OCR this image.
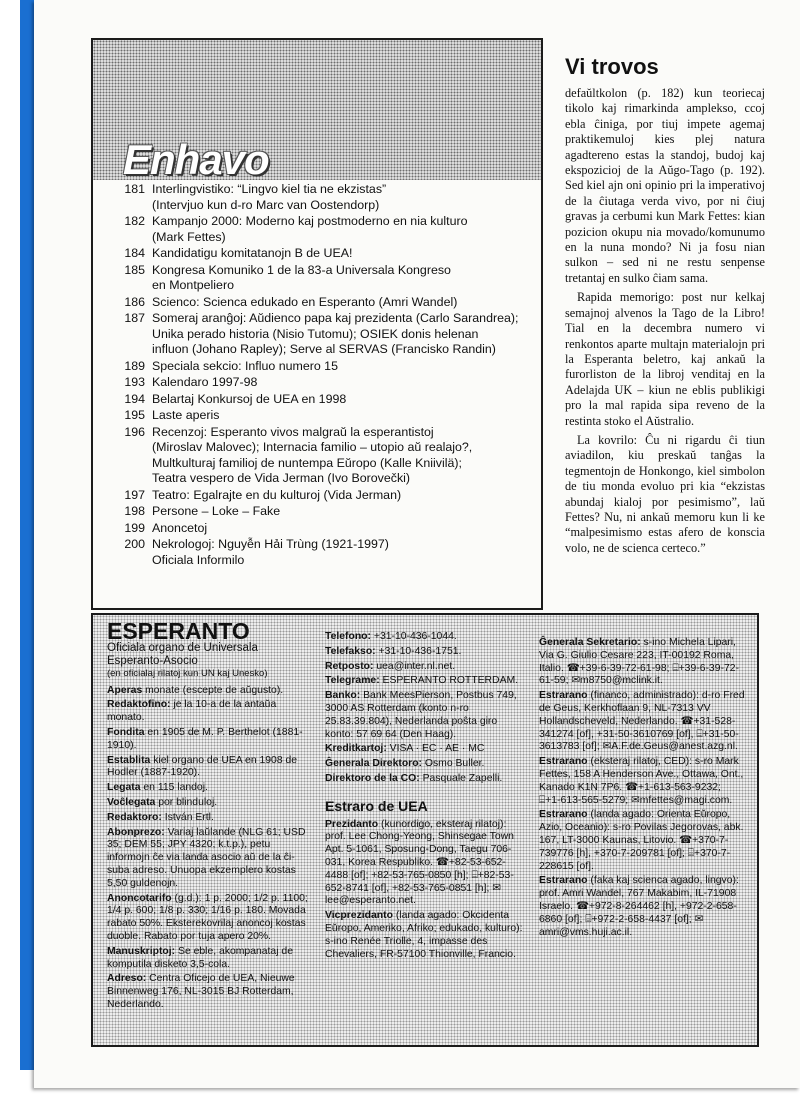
Enhavo
181 Interlingvistiko: “Lingvo kiel tia ne ekzistas”
(Intervjuo kun d-ro Marc van Oostendorp)
182 Kampanjo 2000: Moderno kaj postmoderno en nia kulturo
(Mark Fettes)
184 Kandidatigu komitatanojn B de UEA!
185 Kongresa Komuniko 1 de la 83-a Universala Kongreso
en Montpeliero
186 Scienco: Scienca edukado en Esperanto (Amri Wandel)
187 Someraj aranĝoj: Aŭdienco papa kaj prezidenta (Carlo Sarandrea);
Unika perado historia (Nisio Tutomu); OSIEK donis helenan
influon (Johano Rapley); Serve al SERVAS (Francisko Randin)
189 Speciala sekcio: Influo numero 15
193 Kalendaro 1997-98
194 Belartaj Konkursoj de UEA en 1998
195 Laste aperis
196 Recenzoj: Esperanto vivos malgraŭ la esperantistoj
(Miroslav Malovec); Internacia familio – utopio aŭ realajo?,
Multkulturaj familioj de nuntempa Eŭropo (Kalle Kniivilä);
Teatra vespero de Vida Jerman (Ivo Borovečki)
197 Teatro: Egalrajte en du kulturoj (Vida Jerman)
198 Persone – Loke – Fake
199 Anoncetoj
200 Nekrologoj: Nguyễn Hải Trùng (1921-1997)
Oficiala Informilo
Vi trovos

defaŭltkolon (p. 182) kun teoriecaj tikolo kaj rimarkinda amplekso, ccoj ebla ĉiniga, por tiuj impete agemaj praktikemuloj kies plej natura agadtereno estas la standoj, budoj kaj ekspozicioj de la Aŭgo-Tago (p. 192). Sed kiel ajn oni opinio pri la imperativoj de la ĉiutaga verda vivo, por ni ĉiuj gravas ja cerbumi kun Mark Fettes: kian pozicion okupu nia movado/komunumo en la nuna mondo? Ni ja fosu nian sulkon – sed ni ne restu senpense tretantaj en sulko ĉiam sama.

Rapida memorigo: post nur kelkaj semajnoj alvenos la Tago de la Libro! Tial en la decembra numero vi renkontos aparte multajn materialojn pri la Esperanta beletro, kaj ankaŭ la furorliston de la libroj venditaj en la Adelajda UK – kiun ne eblis publikigi pro la mal rapida sipa reveno de la restinta stoko el Aŭstralio.

La kovrilo: Ĉu ni rigardu ĉi tiun aviadilon, kiu preskaŭ tanĝas la tegmentojn de Honkongo, kiel simbolon de tiu monda evoluo pri kia “ekzistas abundaj kialoj por pesimismo”, laŭ Fettes? Nu, ni ankaŭ memoru kun li ke “malpesimismo estas afero de konscia volo, ne de scienca certeco.”

ESPERANTO
Oficiala organo de Universala Esperanto-Asocio
(en oficialaj rilatoj kun UN kaj Unesko)

Aperas monate (escepte de aŭgusto).

Redaktofino: je la 10-a de la antaŭa monato.

Fondita en 1905 de M. P. Berthelot (1881-1910).

Establita kiel organo de UEA en 1908 de Hodler (1887-1920).

Legata en 115 landoj.

Voĉlegata por blinduloj.

Redaktoro: István Ertl.

Abonprezo: Variaj laŭlande (NLG 61; USD 35; DEM 55; JPY 4320; k.t.p.), petu informojn ĉe via landa asocio aŭ de la ĉi-suba adreso. Unuopa ekzemplero kostas 5,50 guldenojn.

Anoncotarifo (g.d.): 1 p. 2000; 1/2 p. 1100; 1/4 p. 600; 1/8 p. 330; 1/16 p. 180. Movada rabato 50%. Eksterekovrilaj anoncoj kostas duoble. Rabato por tuja apero 20%.

Manuskriptoj: Se eble, akompanataj de komputila disketo 3,5-cola.

Adreso: Centra Oficejo de UEA, Nieuwe Binnenweg 176, NL-3015 BJ Rotterdam, Nederlando.

Telefono: +31-10-436-1044.

Telefakso: +31-10-436-1751.

Retposto: uea@inter.nl.net.

Telegrame: ESPERANTO ROTTERDAM.

Banko: Bank MeesPierson, Postbus 749, 3000 AS Rotterdam (konto n-ro 25.83.39.804), Nederlanda poŝta giro konto: 57 69 64 (Den Haag).

Kreditkartoj: VISA · EC · AE · MC

Ĝenerala Direktoro: Osmo Buller.

Direktoro de la CO: Pasquale Zapelli.

Estraro de UEA

Prezidanto (kunordigo, eksteraj rilatoj): prof. Lee Chong-Yeong, Shinsegae Town Apt. 5-1061, Sposung-Dong, Taegu 706-031, Korea Respubliko. ☎+82-53-652-4488 [of]; +82-53-765-0850 [h]; ⌸+82-53-652-8741 [of], +82-53-765-0851 [h]; ✉lee@esperanto.net.

Vicprezidanto (landa agado: Okcidenta Eŭropo, Ameriko, Afriko; edukado, kulturo): s-ino Renée Triolle, 4, impasse des Chevaliers, FR-57100 Thionville, Francio.

Ĝenerala Sekretario: s-ino Michela Lipari, Via G. Giulio Cesare 223, IT-00192 Roma, Italio. ☎+39-6-39-72-61-98; ⌸+39-6-39-72-61-59; ✉m8750@mclink.it.

Estrarano (financo, administrado): d-ro Fred de Geus, Kerkhoflaan 9, NL-7313 VV Hollandscheveld, Nederlando. ☎+31-528-341274 [of], +31-50-3610769 [of], ⌸+31-50-3613783 [of]; ✉A.F.de.Geus@anest.azg.nl.

Estrarano (eksteraj rilatoj, CED): s-ro Mark Fettes, 158 A Henderson Ave., Ottawa, Ont., Kanado K1N 7P6. ☎+1-613-563-9232; ⌸+1-613-565-5279; ✉mfettes@magi.com.

Estrarano (landa agado: Orienta Eŭropo, Azio, Oceanio): s-ro Povilas Jegorovas, abk. 167, LT-3000 Kaunas, Litovio. ☎+370-7-739776 [h], +370-7-209781 [of]; ⌸+370-7-228615 [of].

Estrarano (faka kaj scienca agado, lingvo): prof. Amri Wandel, 767 Makabim, IL-71908 Israelo. ☎+972-8-264462 [h], +972-2-658-6860 [of]; ⌸+972-2-658-4437 [of]; ✉amri@vms.huji.ac.il.
